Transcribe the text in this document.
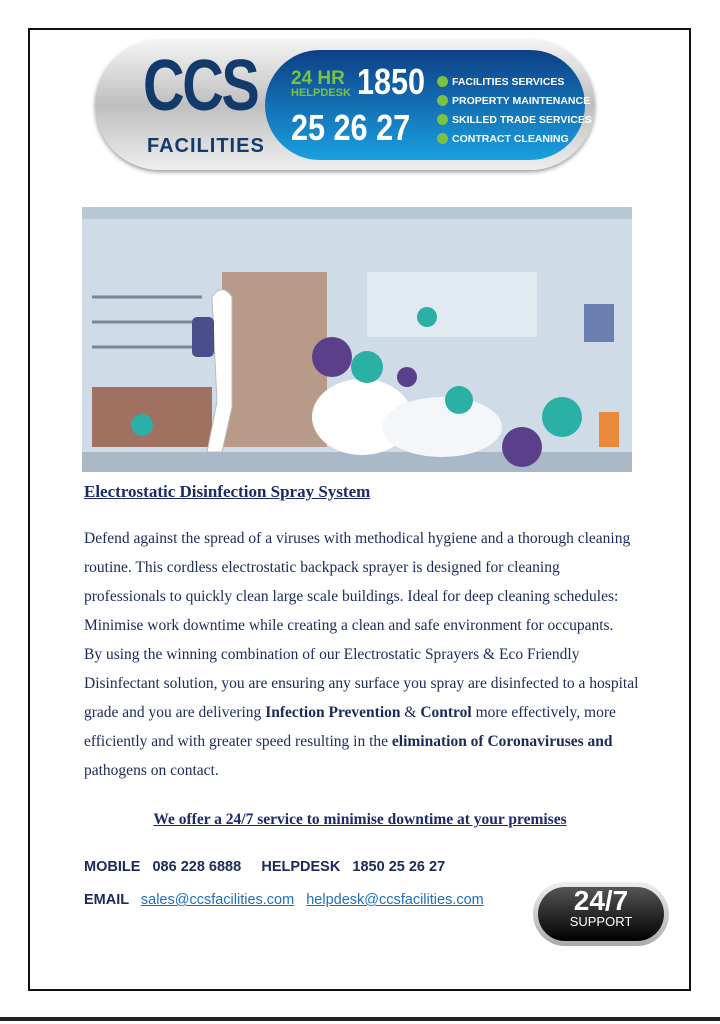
CCS
FACILITIES
24 HR
HELPDESK 1850
25 26 27
FACILITIES SERVICES
PROPERTY MAINTENANCE
SKILLED TRADE SERVICES
CONTRACT CLEANING
Electrostatic Disinfection Spray System

Defend against the spread of a viruses with methodical hygiene and a thorough cleaning routine. This cordless electrostatic backpack sprayer is designed for cleaning professionals to quickly clean large scale buildings. Ideal for deep cleaning schedules: Minimise work downtime while creating a clean and safe environment for occupants.

By using the winning combination of our Electrostatic Sprayers & Eco Friendly Disinfectant solution, you are ensuring any surface you spray are disinfected to a hospital grade and you are delivering Infection Prevention & Control more effectively, more efficiently and with greater speed resulting in the elimination of Coronaviruses and pathogens on contact.

We offer a 24/7 service to minimise downtime at your premises
MOBILE 086 228 6888 HELPDESK 1850 25 26 27
EMAIL sales@ccsfacilities.com helpdesk@ccsfacilities.com	24/7
SUPPORT
